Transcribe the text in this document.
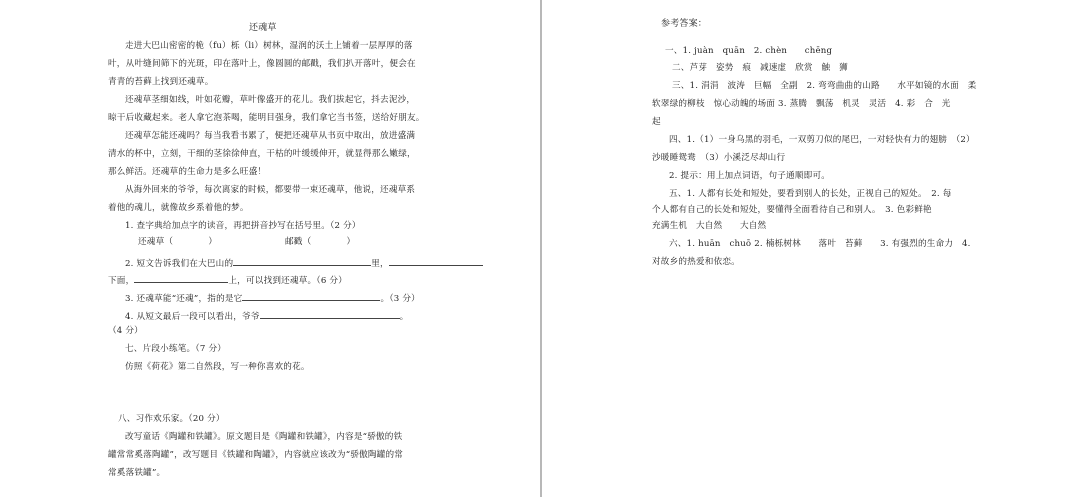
还魂草
走进大巴山密密的桅（fu）栎（li）树林，湿润的沃土上铺着一层厚厚的落
叶，从叶缝间筛下的光斑，印在落叶上，像圆圆的邮戳，我们扒开落叶，便会在
青青的苔藓上找到还魂草。
还魂草茎细如线，叶如花瓣，草叶像盛开的花儿。我们拔起它，抖去泥沙，
晾干后收藏起来。老人拿它泡茶喝，能明目强身，我们拿它当书签，送给好朋友。
还魂草怎能还魂吗？每当我看书累了，便把还魂草从书页中取出，放进盛满
清水的杯中，立刻，干细的茎徐徐伸直，干枯的叶缓缓伸开，就显得那么嫩绿，
那么鲜活。还魂草的生命力是多么旺盛！
从海外回来的爷爷，每次离家的时候，都要带一束还魂草，他说，还魂草系
着他的魂儿，就像故乡系着他的梦。
1. 查字典给加点字的读音，再把拼音抄写在括号里。（2 分）
还魂草（　　　　）	邮戳（　　　　）
2. 短文告诉我们在大巴山的	里，
下面，	上，可以找到还魂草。（6 分）
3. 还魂草能“还魂”，指的是它	。（3 分）
4. 从短文最后一段可以看出，爷爷	。
（4 分）
七、片段小练笔。（7 分）
仿照《荷花》第二自然段，写一种你喜欢的花。
八、习作欢乐家。（20 分）
改写童话《陶罐和铁罐》。原文题目是《陶罐和铁罐》，内容是“骄傲的铁
罐常常奚落陶罐”，改写题目《铁罐和陶罐》，内容就应该改为“骄傲陶罐的常
常奚落铁罐”。
参考答案：
一、1. juàn　quān　2. chèn　　chēng
二、芦芽　姿势　痕　减速虚　欣赏　触　狮
三、1. 涓涓　波涛　巨幅　全副　2. 弯弯曲曲的山路　　水平如镜的水面　柔
软翠绿的柳枝　惊心动魄的场面 3. 蒸腾　飘荡　机灵　灵活　4. 彩　合　光
起
四、1.（1）一身乌黑的羽毛，一双剪刀似的尾巴，一对轻快有力的翅膀　（2）
沙暖睡鸳鸯　（3）小溪泛尽却山行
2. 提示：用上加点词语，句子通顺即可。
五、1. 人都有长处和短处，要看到别人的长处，正视自己的短处。　2. 每
个人都有自己的长处和短处，要懂得全面看待自己和别人。　3. 色彩鲜艳
充满生机　大自然　　大自然
六、1. huān　chuō 2. 楠栎树林　　落叶　苔藓　　3. 有强烈的生命力　4.
对故乡的热爱和依恋。
